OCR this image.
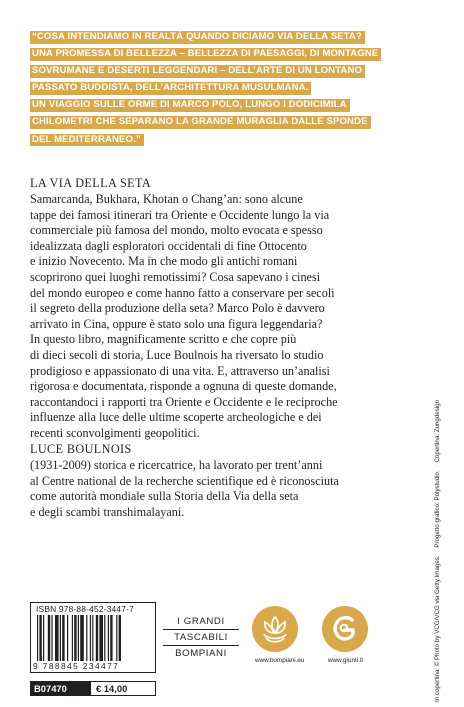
“COSA INTENDIAMO IN REALTÀ QUANDO DICIAMO VIA DELLA SETA?
UNA PROMESSA DI BELLEZZA – BELLEZZA DI PAESAGGI, DI MONTAGNE
SOVRUMANE E DESERTI LEGGENDARI – DELL’ARTE DI UN LONTANO
PASSATO BUDDISTA, DELL’ARCHITETTURA MUSULMANA.
UN VIAGGIO SULLE ORME DI MARCO POLO, LUNGO I DODICIMILA
CHILOMETRI CHE SEPARANO LA GRANDE MURAGLIA DALLE SPONDE
DEL MEDITERRANEO.”
LA VIA DELLA SETA
Samarcanda, Bukhara, Khotan o Chang’an: sono alcune
tappe dei famosi itinerari tra Oriente e Occidente lungo la via
commerciale più famosa del mondo, molto evocata e spesso
idealizzata dagli esploratori occidentali di fine Ottocento
e inizio Novecento. Ma in che modo gli antichi romani
scoprirono quei luoghi remotissimi? Cosa sapevano i cinesi
del mondo europeo e come hanno fatto a conservare per secoli
il segreto della produzione della seta? Marco Polo è davvero
arrivato in Cina, oppure è stato solo una figura leggendaria?
In questo libro, magnificamente scritto e che copre più
di dieci secoli di storia, Luce Boulnois ha riversato lo studio
prodigioso e appassionato di una vita. E, attraverso un’analisi
rigorosa e documentata, risponde a ognuna di queste domande,
raccontandoci i rapporti tra Oriente e Occidente e le reciproche
influenze alla luce delle ultime scoperte archeologiche e dei
recenti sconvolgimenti geopolitici.
LUCE BOULNOIS
(1931-2009) storica e ricercatrice, ha lavorato per trent’anni
al Centre national de la recherche scientifique ed è riconosciuta
come autorità mondiale sulla Storia della Via della seta
e degli scambi transhimalayani.
ISBN 978-88-452-3447-7
9 788845 234477
B07470	€ 14,00
I GRANDI
TASCABILI
BOMPIANI
www.bompiani.eu	www.giunti.it	In copertina: © Photo by VCG/VCG via Getty Images. Progetto grafico: Polystudio. Copertina: Zungdesign
